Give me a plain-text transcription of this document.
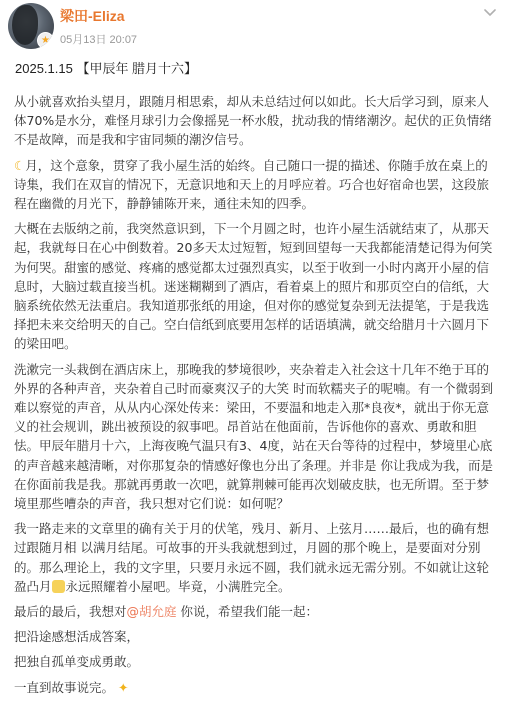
★
梁田-Eliza
05月13日 20:07
2025.1.15 【甲辰年 腊月十六】

从小就喜欢抬头望月，跟随月相思索，却从未总结过何以如此。长大后学习到，原来人体70%是水分，难怪月球引力会像摇晃一杯水般，扰动我的情绪潮汐。起伏的正负情绪不是故障，而是我和宇宙同频的潮汐信号。

☾月，这个意象，贯穿了我小屋生活的始终。自己随口一提的描述、你随手放在桌上的诗集，我们在双盲的情况下，无意识地和天上的月呼应着。巧合也好宿命也罢，这段旅程在幽微的月光下，静静铺陈开来，通往未知的四季。

大概在去版纳之前，我突然意识到，下一个月圆之时，也许小屋生活就结束了，从那天起，我就每日在心中倒数着。20多天太过短暂，短到回望每一天我都能清楚记得为何笑为何哭。甜蜜的感觉、疼痛的感觉都太过强烈真实，以至于收到一小时内离开小屋的信息时，大脑过载直接当机。迷迷糊糊到了酒店，看着桌上的照片和那页空白的信纸，大脑系统依然无法重启。我知道那张纸的用途，但对你的感觉复杂到无法提笔，于是我选择把未来交给明天的自己。空白信纸到底要用怎样的话语填满，就交给腊月十六圆月下的梁田吧。

洗漱完一头栽倒在酒店床上，那晚我的梦境很吵，夹杂着走入社会这十几年不绝于耳的外界的各种声音，夹杂着自己时而豪爽汉子的大笑 时而软糯夹子的呢喃。有一个微弱到难以察觉的声音，从从内心深处传来：梁田，不要温和地走入那*良夜*，就出于你无意义的社会规训，跳出被预设的叙事吧。昂首站在他面前，告诉他你的喜欢、勇敢和胆怯。甲辰年腊月十六，上海夜晚气温只有3、4度，站在天台等待的过程中，梦境里心底的声音越来越清晰，对你那复杂的情感好像也分出了条理。并非是 你让我成为我，而是 在你面前我是我。那就再勇敢一次吧，就算荆棘可能再次划破皮肤，也无所谓。至于梦境里那些嘈杂的声音，我只想对它们说：如何呢？

我一路走来的文章里的确有关于月的伏笔，残月、新月、上弦月……最后，也的确有想过跟随月相 以满月结尾。可故事的开头我就想到过，月圆的那个晚上，是要面对分别的。那么理论上，我的文字里，只要月永远不圆，我们就永远无需分别。不如就让这轮盈凸月 永远照耀着小屋吧。毕竟，小满胜完全。

最后的最后，我想对@胡允庭 你说，希望我们能一起：

把沿途感想活成答案，

把独自孤单变成勇敢。

一直到故事说完。 ✦
